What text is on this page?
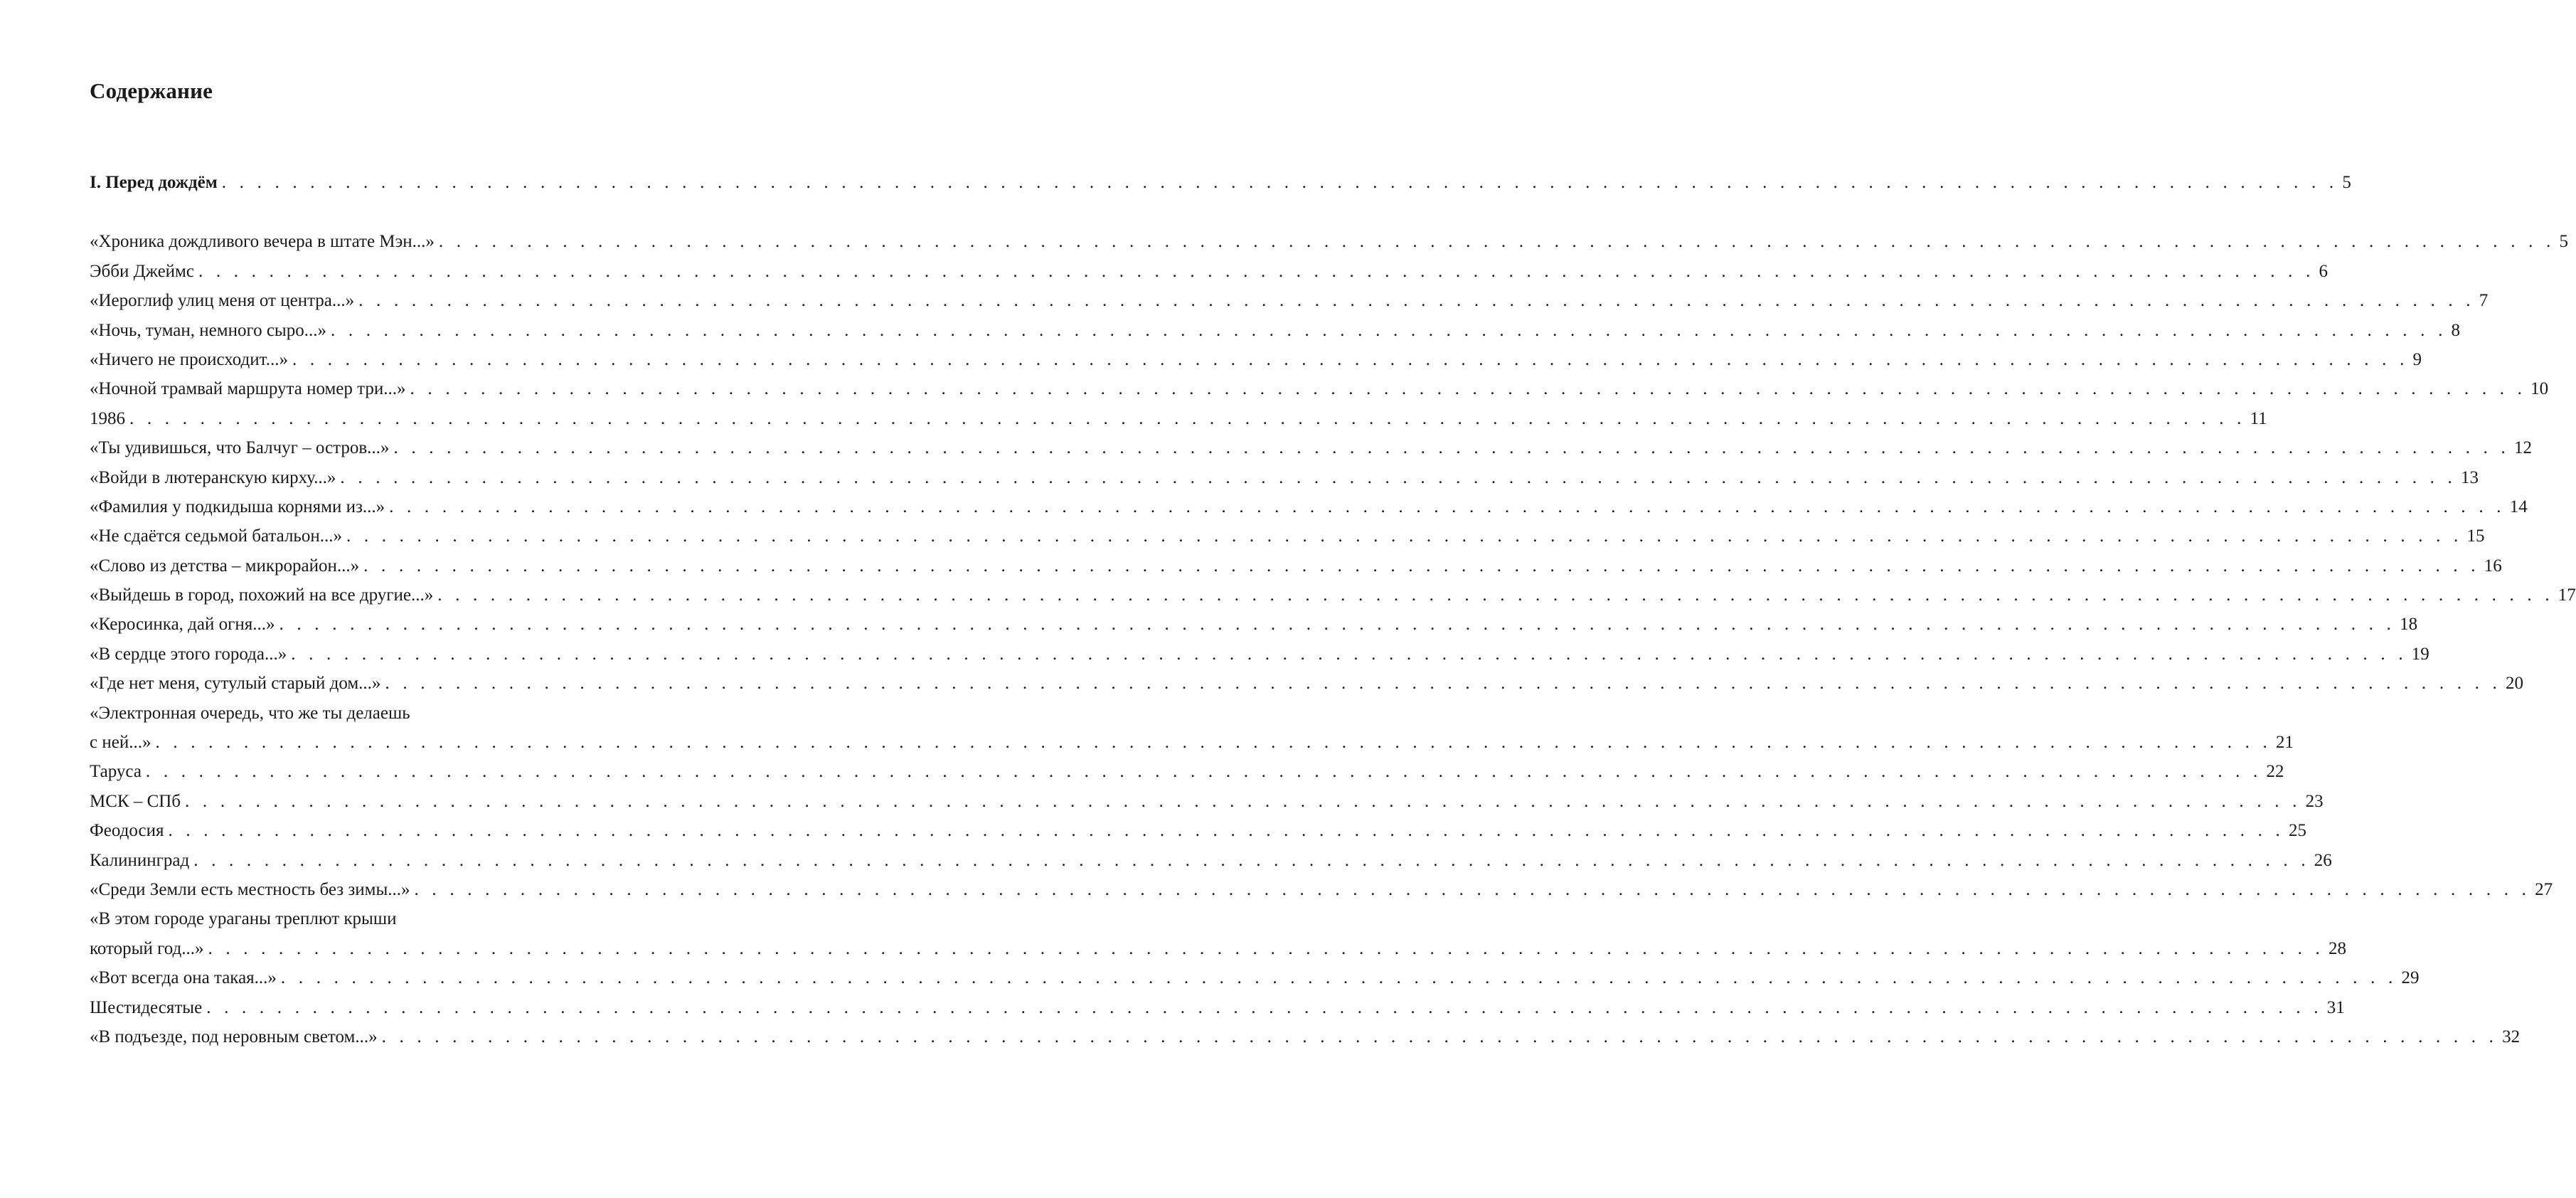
Содержание
I. Перед дождём . . . . . . . . . . . . . . . . . . . . . . . . . . . . . . . . . . . . . . . . . . . . . . . . . . . . . . . . . . . . . . . . . . . . . . . . . . . . . . . . . . . . . . . . . . . . . . . . . . . . . . . . . . . . . . . . . . . . . . . . 5
«Хроника дождливого вечера в штате Мэн...» . . . . . . . . . . . . . . . . . . . . . . . . . . . . . . . . . . . . . . . . . . . . . . . . . . . . . . . . . . . . . . . . . . . . . . . . . . . . . . . . . . . . . . . . . . . . . . . . . . . . . . . . . . . . . . . . . . . . . . . . 5
Эбби Джеймс . . . . . . . . . . . . . . . . . . . . . . . . . . . . . . . . . . . . . . . . . . . . . . . . . . . . . . . . . . . . . . . . . . . . . . . . . . . . . . . . . . . . . . . . . . . . . . . . . . . . . . . . . . . . . . . . . . . . . . . . 6
«Иероглиф улиц меня от центра...» . . . . . . . . . . . . . . . . . . . . . . . . . . . . . . . . . . . . . . . . . . . . . . . . . . . . . . . . . . . . . . . . . . . . . . . . . . . . . . . . . . . . . . . . . . . . . . . . . . . . . . . . . . . . . . . . . . . . . . . . 7
«Ночь, туман, немного сыро...» . . . . . . . . . . . . . . . . . . . . . . . . . . . . . . . . . . . . . . . . . . . . . . . . . . . . . . . . . . . . . . . . . . . . . . . . . . . . . . . . . . . . . . . . . . . . . . . . . . . . . . . . . . . . . . . . . . . . . . . . 8
«Ничего не происходит...» . . . . . . . . . . . . . . . . . . . . . . . . . . . . . . . . . . . . . . . . . . . . . . . . . . . . . . . . . . . . . . . . . . . . . . . . . . . . . . . . . . . . . . . . . . . . . . . . . . . . . . . . . . . . . . . . . . . . . . . . 9
«Ночной трамвай маршрута номер три...» . . . . . . . . . . . . . . . . . . . . . . . . . . . . . . . . . . . . . . . . . . . . . . . . . . . . . . . . . . . . . . . . . . . . . . . . . . . . . . . . . . . . . . . . . . . . . . . . . . . . . . . . . . . . . . . . . . . . . . . . 10
1986 . . . . . . . . . . . . . . . . . . . . . . . . . . . . . . . . . . . . . . . . . . . . . . . . . . . . . . . . . . . . . . . . . . . . . . . . . . . . . . . . . . . . . . . . . . . . . . . . . . . . . . . . . . . . . . . . . . . . . . . . 11
«Ты удивишься, что Балчуг – остров...» . . . . . . . . . . . . . . . . . . . . . . . . . . . . . . . . . . . . . . . . . . . . . . . . . . . . . . . . . . . . . . . . . . . . . . . . . . . . . . . . . . . . . . . . . . . . . . . . . . . . . . . . . . . . . . . . . . . . . . . . 12
«Войди в лютеранскую кирху...» . . . . . . . . . . . . . . . . . . . . . . . . . . . . . . . . . . . . . . . . . . . . . . . . . . . . . . . . . . . . . . . . . . . . . . . . . . . . . . . . . . . . . . . . . . . . . . . . . . . . . . . . . . . . . . . . . . . . . . . . 13
«Фамилия у подкидыша корнями из...» . . . . . . . . . . . . . . . . . . . . . . . . . . . . . . . . . . . . . . . . . . . . . . . . . . . . . . . . . . . . . . . . . . . . . . . . . . . . . . . . . . . . . . . . . . . . . . . . . . . . . . . . . . . . . . . . . . . . . . . . 14
«Не сдаётся седьмой батальон...» . . . . . . . . . . . . . . . . . . . . . . . . . . . . . . . . . . . . . . . . . . . . . . . . . . . . . . . . . . . . . . . . . . . . . . . . . . . . . . . . . . . . . . . . . . . . . . . . . . . . . . . . . . . . . . . . . . . . . . . . 15
«Слово из детства – микрорайон...» . . . . . . . . . . . . . . . . . . . . . . . . . . . . . . . . . . . . . . . . . . . . . . . . . . . . . . . . . . . . . . . . . . . . . . . . . . . . . . . . . . . . . . . . . . . . . . . . . . . . . . . . . . . . . . . . . . . . . . . . 16
«Выйдешь в город, похожий на все другие...» . . . . . . . . . . . . . . . . . . . . . . . . . . . . . . . . . . . . . . . . . . . . . . . . . . . . . . . . . . . . . . . . . . . . . . . . . . . . . . . . . . . . . . . . . . . . . . . . . . . . . . . . . . . . . . . . . . . . . . . . 17
«Керосинка, дай огня...» . . . . . . . . . . . . . . . . . . . . . . . . . . . . . . . . . . . . . . . . . . . . . . . . . . . . . . . . . . . . . . . . . . . . . . . . . . . . . . . . . . . . . . . . . . . . . . . . . . . . . . . . . . . . . . . . . . . . . . . . 18
«В сердце этого города...» . . . . . . . . . . . . . . . . . . . . . . . . . . . . . . . . . . . . . . . . . . . . . . . . . . . . . . . . . . . . . . . . . . . . . . . . . . . . . . . . . . . . . . . . . . . . . . . . . . . . . . . . . . . . . . . . . . . . . . . . 19
«Где нет меня, сутулый старый дом...» . . . . . . . . . . . . . . . . . . . . . . . . . . . . . . . . . . . . . . . . . . . . . . . . . . . . . . . . . . . . . . . . . . . . . . . . . . . . . . . . . . . . . . . . . . . . . . . . . . . . . . . . . . . . . . . . . . . . . . . . 20
«Электронная очередь, что же ты делаешь
с ней...» . . . . . . . . . . . . . . . . . . . . . . . . . . . . . . . . . . . . . . . . . . . . . . . . . . . . . . . . . . . . . . . . . . . . . . . . . . . . . . . . . . . . . . . . . . . . . . . . . . . . . . . . . . . . . . . . . . . . . . . . 21
Таруса . . . . . . . . . . . . . . . . . . . . . . . . . . . . . . . . . . . . . . . . . . . . . . . . . . . . . . . . . . . . . . . . . . . . . . . . . . . . . . . . . . . . . . . . . . . . . . . . . . . . . . . . . . . . . . . . . . . . . . . . 22
МСК – СПб . . . . . . . . . . . . . . . . . . . . . . . . . . . . . . . . . . . . . . . . . . . . . . . . . . . . . . . . . . . . . . . . . . . . . . . . . . . . . . . . . . . . . . . . . . . . . . . . . . . . . . . . . . . . . . . . . . . . . . . . 23
Феодосия . . . . . . . . . . . . . . . . . . . . . . . . . . . . . . . . . . . . . . . . . . . . . . . . . . . . . . . . . . . . . . . . . . . . . . . . . . . . . . . . . . . . . . . . . . . . . . . . . . . . . . . . . . . . . . . . . . . . . . . . 25
Калининград . . . . . . . . . . . . . . . . . . . . . . . . . . . . . . . . . . . . . . . . . . . . . . . . . . . . . . . . . . . . . . . . . . . . . . . . . . . . . . . . . . . . . . . . . . . . . . . . . . . . . . . . . . . . . . . . . . . . . . . . 26
«Среди Земли есть местность без зимы...» . . . . . . . . . . . . . . . . . . . . . . . . . . . . . . . . . . . . . . . . . . . . . . . . . . . . . . . . . . . . . . . . . . . . . . . . . . . . . . . . . . . . . . . . . . . . . . . . . . . . . . . . . . . . . . . . . . . . . . . . 27
«В этом городе ураганы треплют крыши
который год...» . . . . . . . . . . . . . . . . . . . . . . . . . . . . . . . . . . . . . . . . . . . . . . . . . . . . . . . . . . . . . . . . . . . . . . . . . . . . . . . . . . . . . . . . . . . . . . . . . . . . . . . . . . . . . . . . . . . . . . . . 28
«Вот всегда она такая...» . . . . . . . . . . . . . . . . . . . . . . . . . . . . . . . . . . . . . . . . . . . . . . . . . . . . . . . . . . . . . . . . . . . . . . . . . . . . . . . . . . . . . . . . . . . . . . . . . . . . . . . . . . . . . . . . . . . . . . . . 29
Шестидесятые . . . . . . . . . . . . . . . . . . . . . . . . . . . . . . . . . . . . . . . . . . . . . . . . . . . . . . . . . . . . . . . . . . . . . . . . . . . . . . . . . . . . . . . . . . . . . . . . . . . . . . . . . . . . . . . . . . . . . . . . 31
«В подъезде, под неровным светом...» . . . . . . . . . . . . . . . . . . . . . . . . . . . . . . . . . . . . . . . . . . . . . . . . . . . . . . . . . . . . . . . . . . . . . . . . . . . . . . . . . . . . . . . . . . . . . . . . . . . . . . . . . . . . . . . . . . . . . . . . 32
